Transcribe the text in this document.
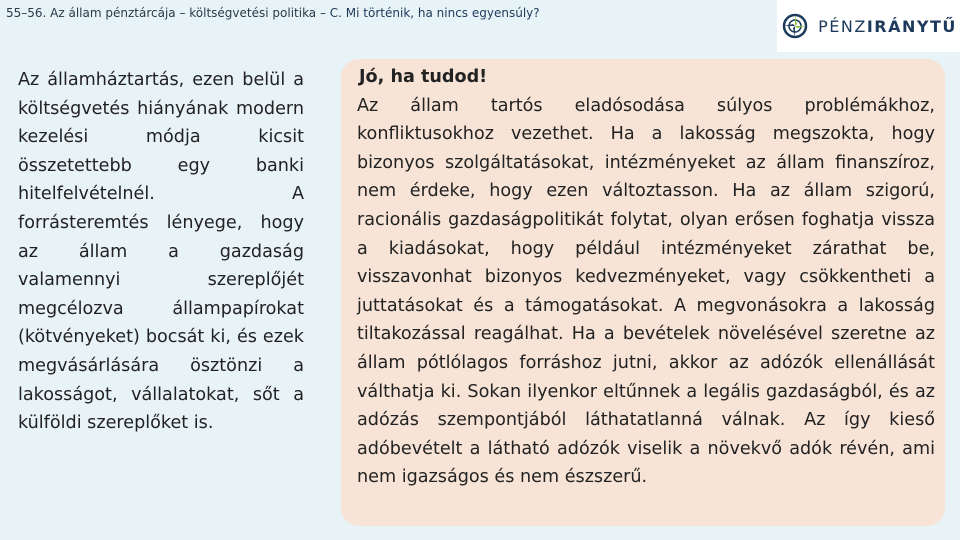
55–56. Az állam pénztárcája – költségvetési politika – C. Mi történik, ha nincs egyensúly?
PÉNZIRÁNYTŰ
Az államháztartás, ezen belül a költségvetés hiányának modern kezelési módja kicsit összetettebb egy banki hitelfelvételnél. A forrásteremtés lényege, hogy az állam a gazdaság valamennyi szereplőjét megcélozva állampapírokat (kötvényeket) bocsát ki, és ezek megvásárlására ösztönzi a lakosságot, vállalatokat, sőt a külföldi szereplőket is.
Jó, ha tudod!
Az állam tartós eladósodása súlyos problémákhoz, konfliktusokhoz vezethet. Ha a lakosság megszokta, hogy bizonyos szolgáltatásokat, intézményeket az állam finanszíroz, nem érdeke, hogy ezen változtasson. Ha az állam szigorú, racionális gazdaságpolitikát folytat, olyan erősen foghatja vissza a kiadásokat, hogy például intézményeket zárathat be, visszavonhat bizonyos kedvezményeket, vagy csökkentheti a juttatásokat és a támogatásokat. A megvonásokra a lakosság tiltakozással reagálhat. Ha a bevételek növelésével szeretne az állam pótlólagos forráshoz jutni, akkor az adózók ellenállását válthatja ki. Sokan ilyenkor eltűnnek a legális gazdaságból, és az adózás szempontjából láthatatlanná válnak. Az így kieső adóbevételt a látható adózók viselik a növekvő adók révén, ami nem igazságos és nem észszerű.
